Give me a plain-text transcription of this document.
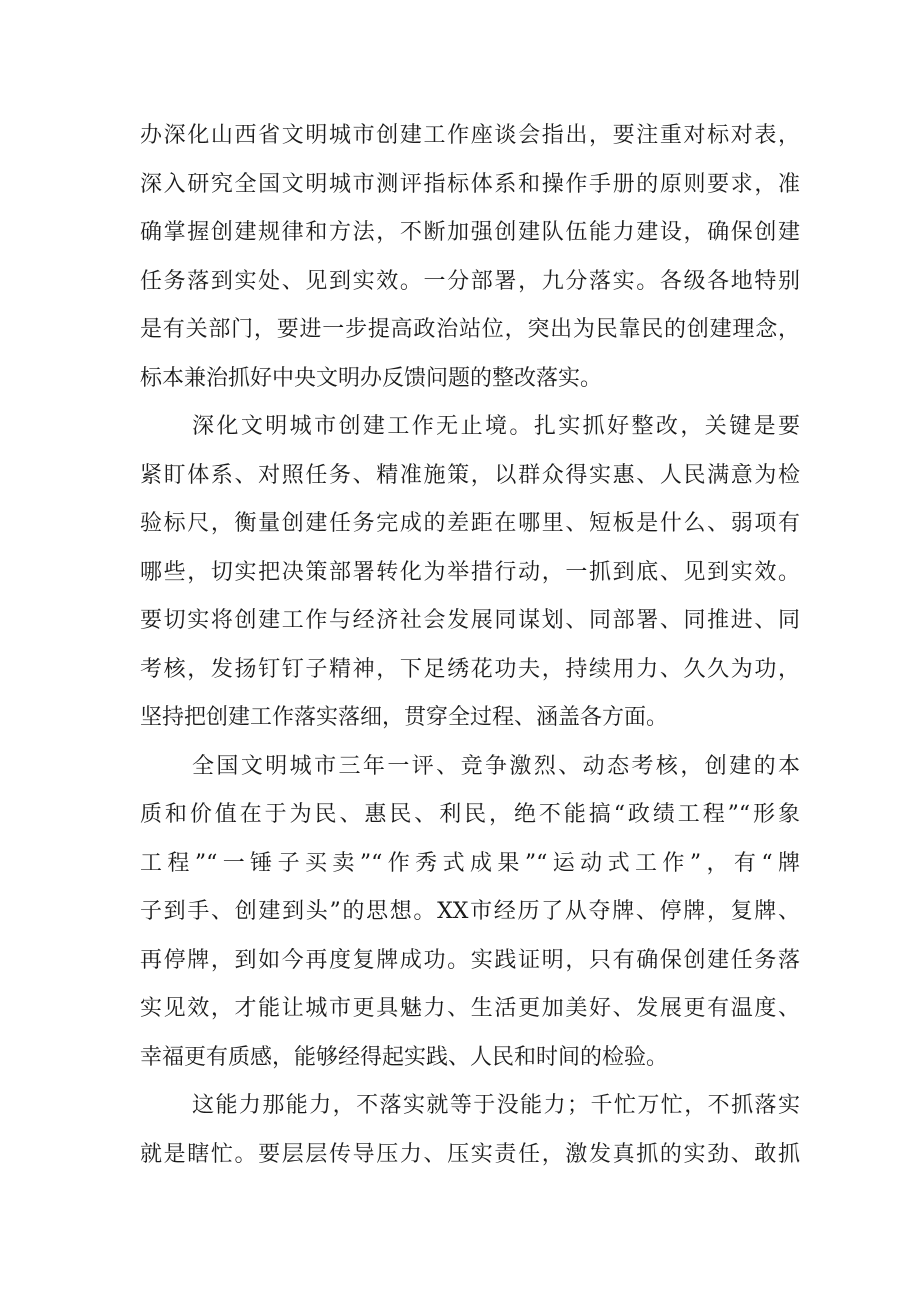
办深化山西省文明城市创建工作座谈会指出，要注重对标对表，
深入研究全国文明城市测评指标体系和操作手册的原则要求，准
确掌握创建规律和方法，不断加强创建队伍能力建设，确保创建
任务落到实处、见到实效。一分部署，九分落实。各级各地特别
是有关部门，要进一步提高政治站位，突出为民靠民的创建理念，
标本兼治抓好中央文明办反馈问题的整改落实。
深化文明城市创建工作无止境。扎实抓好整改，关键是要
紧盯体系、对照任务、精准施策，以群众得实惠、人民满意为检
验标尺，衡量创建任务完成的差距在哪里、短板是什么、弱项有
哪些，切实把决策部署转化为举措行动，一抓到底、见到实效。
要切实将创建工作与经济社会发展同谋划、同部署、同推进、同
考核，发扬钉钉子精神，下足绣花功夫，持续用力、久久为功，
坚持把创建工作落实落细，贯穿全过程、涵盖各方面。
全国文明城市三年一评、竞争激烈、动态考核，创建的本
质和价值在于为民、惠民、利民，绝不能搞“政绩工程”“形象
工程”“一锤子买卖”“作秀式成果”“运动式工作”，有“牌
子到手、创建到头”的思想。XX市经历了从夺牌、停牌，复牌、
再停牌，到如今再度复牌成功。实践证明，只有确保创建任务落
实见效，才能让城市更具魅力、生活更加美好、发展更有温度、
幸福更有质感，能够经得起实践、人民和时间的检验。
这能力那能力，不落实就等于没能力；千忙万忙，不抓落实
就是瞎忙。要层层传导压力、压实责任，激发真抓的实劲、敢抓
